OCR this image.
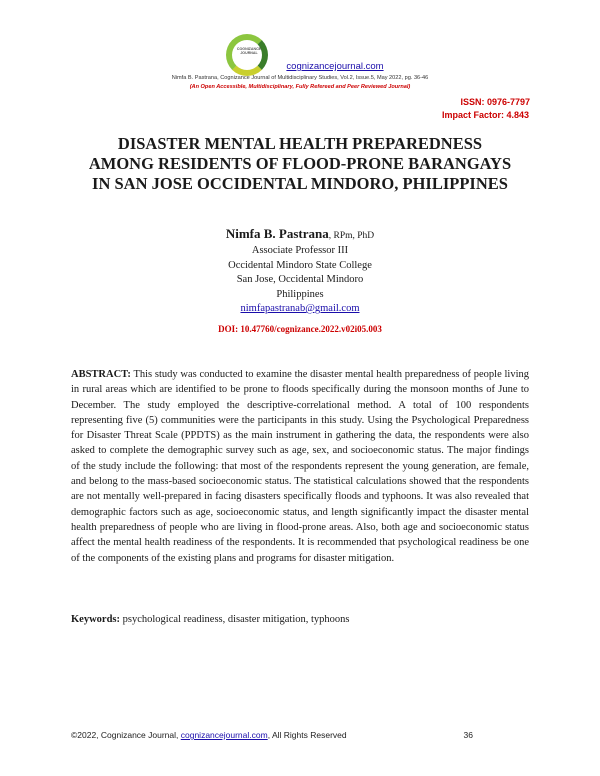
COGNIZANCE JOURNAL
cognizancejournal.com
Nimfa B. Pastrana, Cognizance Journal of Multidisciplinary Studies, Vol.2, Issue.5, May 2022, pg. 36-46
(An Open Accessible, Multidisciplinary, Fully Refereed and Peer Reviewed Journal)
ISSN: 0976-7797
Impact Factor: 4.843
DISASTER MENTAL HEALTH PREPAREDNESS
AMONG RESIDENTS OF FLOOD-PRONE BARANGAYS
IN SAN JOSE OCCIDENTAL MINDORO, PHILIPPINES
Nimfa B. Pastrana, RPm, PhD
Associate Professor III
Occidental Mindoro State College
San Jose, Occidental Mindoro
Philippines
nimfapastranab@gmail.com
DOI: 10.47760/cognizance.2022.v02i05.003
ABSTRACT: This study was conducted to examine the disaster mental health preparedness of people living in rural areas which are identified to be prone to floods specifically during the monsoon months of June to December. The study employed the descriptive-correlational method. A total of 100 respondents representing five (5) communities were the participants in this study. Using the Psychological Preparedness for Disaster Threat Scale (PPDTS) as the main instrument in gathering the data, the respondents were also asked to complete the demographic survey such as age, sex, and socioeconomic status. The major findings of the study include the following: that most of the respondents represent the young generation, are female, and belong to the mass-based socioeconomic status. The statistical calculations showed that the respondents are not mentally well-prepared in facing disasters specifically floods and typhoons. It was also revealed that demographic factors such as age, socioeconomic status, and length significantly impact the disaster mental health preparedness of people who are living in flood-prone areas. Also, both age and socioeconomic status affect the mental health readiness of the respondents. It is recommended that psychological readiness be one of the components of the existing plans and programs for disaster mitigation.
Keywords: psychological readiness, disaster mitigation, typhoons
©2022, Cognizance Journal, cognizancejournal.com, All Rights Reserved	36
